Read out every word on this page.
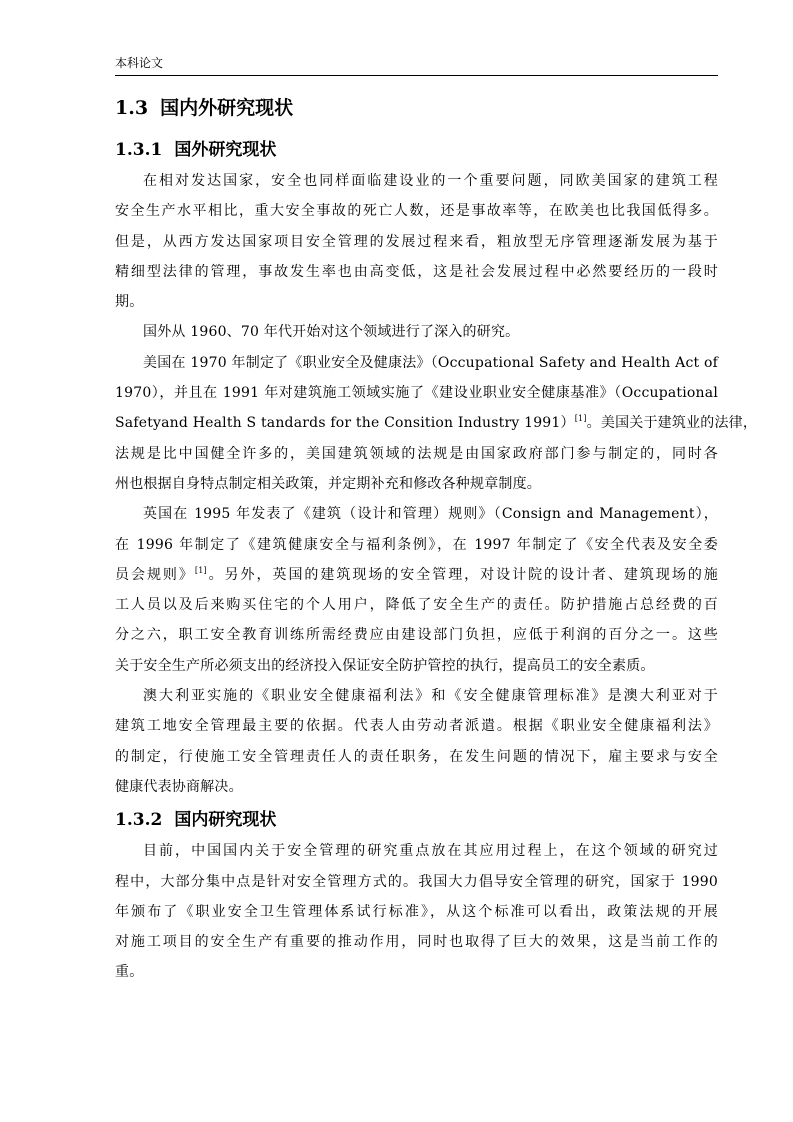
本科论文
1.3 国内外研究现状
1.3.1 国外研究现状
在相对发达国家，安全也同样面临建设业的一个重要问题，同欧美国家的建筑工程
安全生产水平相比，重大安全事故的死亡人数，还是事故率等，在欧美也比我国低得多。
但是，从西方发达国家项目安全管理的发展过程来看，粗放型无序管理逐渐发展为基于
精细型法律的管理，事故发生率也由高变低，这是社会发展过程中必然要经历的一段时
期。
国外从 1960、70 年代开始对这个领域进行了深入的研究。
美国在 1970 年制定了《职业安全及健康法》（Occupational Safety and Health Act of
1970），并且在 1991 年对建筑施工领域实施了《建设业职业安全健康基准》（Occupational
Safetyand Health S tandards for the Consition Industry 1991）[1]。美国关于建筑业的法律，
法规是比中国健全许多的，美国建筑领域的法规是由国家政府部门参与制定的，同时各
州也根据自身特点制定相关政策，并定期补充和修改各种规章制度。
英国在 1995 年发表了《建筑（设计和管理）规则》（Consign and Management），
在 1996 年制定了《建筑健康安全与福利条例》，在 1997 年制定了《安全代表及安全委
员会规则》[1]。另外，英国的建筑现场的安全管理，对设计院的设计者、建筑现场的施
工人员以及后来购买住宅的个人用户，降低了安全生产的责任。防护措施占总经费的百
分之六，职工安全教育训练所需经费应由建设部门负担，应低于利润的百分之一。这些
关于安全生产所必须支出的经济投入保证安全防护管控的执行，提高员工的安全素质。
澳大利亚实施的《职业安全健康福利法》和《安全健康管理标准》是澳大利亚对于
建筑工地安全管理最主要的依据。代表人由劳动者派遣。根据《职业安全健康福利法》
的制定，行使施工安全管理责任人的责任职务，在发生问题的情况下，雇主要求与安全
健康代表协商解决。
1.3.2 国内研究现状
目前，中国国内关于安全管理的研究重点放在其应用过程上，在这个领域的研究过
程中，大部分集中点是针对安全管理方式的。我国大力倡导安全管理的研究，国家于 1990
年颁布了《职业安全卫生管理体系试行标准》，从这个标准可以看出，政策法规的开展
对施工项目的安全生产有重要的推动作用，同时也取得了巨大的效果，这是当前工作的
重。
